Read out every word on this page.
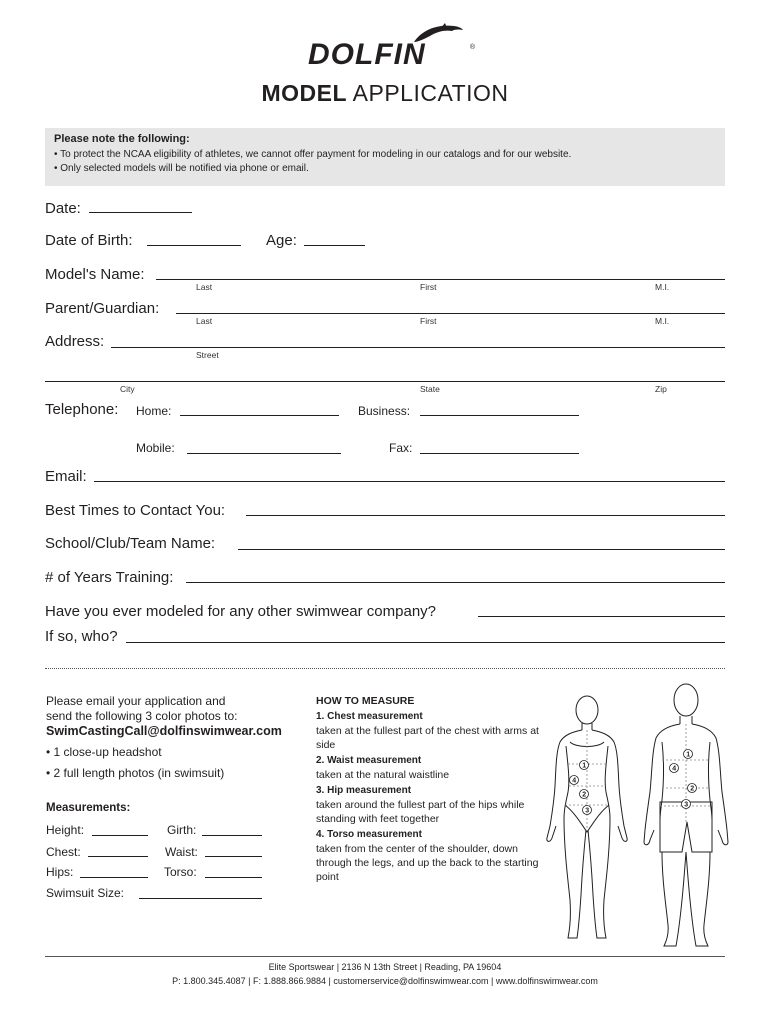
DOLFIN	®
MODEL APPLICATION
Please note the following:
• To protect the NCAA eligibility of athletes, we cannot offer payment for modeling in our catalogs and for our website.
• Only selected models will be notified via phone or email.
Date:
Date of Birth:	Age:
Model's Name:
Last	First	M.I.
Parent/Guardian:
Last	First	M.I.
Address:
Street
City	State	Zip
Telephone: Home:	Business:
Mobile:	Fax:
Email:
Best Times to Contact You:
School/Club/Team Name:
# of Years Training:
Have you ever modeled for any other swimwear company?
If so, who?
Please email your application and
send the following 3 color photos to:
SwimCastingCall@dolfinswimwear.com
• 1 close-up headshot
• 2 full length photos (in swimsuit)
Measurements:
Height:	Girth:
Chest:	Waist:
Hips:	Torso:
Swimsuit Size:
HOW TO MEASURE
1. Chest measurement
taken at the fullest part of the chest with arms at side
2. Waist measurement
taken at the natural waistline
3. Hip measurement
taken around the fullest part of the hips while standing with feet together
4. Torso measurement
taken from the center of the shoulder, down through the legs, and up the back to the starting point
1
2
3
4
1
2
3
4
Elite Sportswear | 2136 N 13th Street | Reading, PA 19604
P: 1.800.345.4087 | F: 1.888.866.9884 | customerservice@dolfinswimwear.com | www.dolfinswimwear.com
